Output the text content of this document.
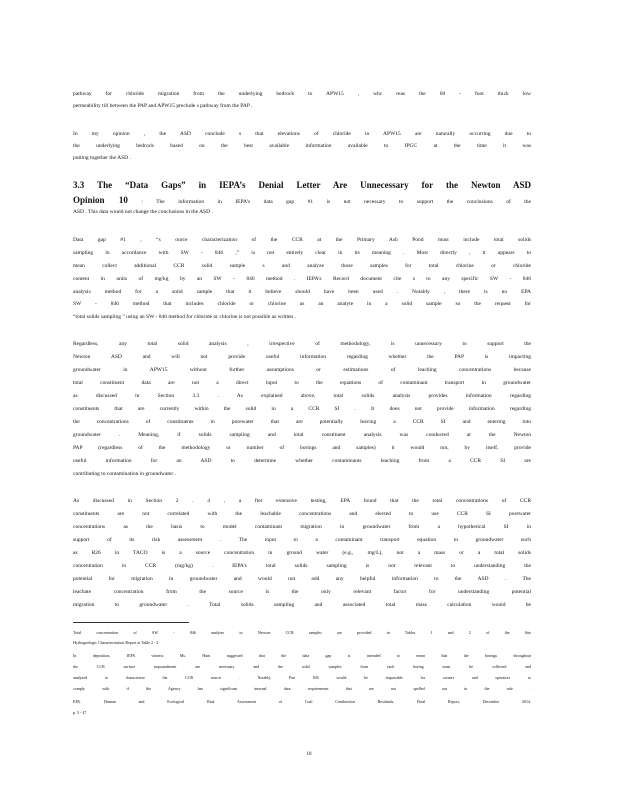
pathway for chloride migration from the underlying bedrock to APW15 , whc reas the 60 - foot thick low
permeability till between the PAP and APW15 preclude s pathway from the PAP .
In my opinion , the ASD conclude s that elevations of chloride in APW15 are naturally occurring due to
the underlying bedrock based on the best available information available to IPGC at the time it was
putting together the ASD .
3.3 The “Data Gaps” in IEPA’s Denial Letter Are Unnecessary for the Newton ASD
Opinion 10 : The information in IEPA’s data gap #1 is not necessary to support the conclusions of the
ASD . This data would not change the conclusions in the ASD .
Data gap #1 , “s ource characterization of the CCR at the Primary Ash Pond must include total solids
sampling in accordance with SW - 846 ,” is not entirely clear in its meaning . Most directly , it appears to
mean collect additional CCR solid sample s and analyze those samples for total chlorine or chloride
content in units of mg/kg by an SW - 846 method . IEPA’s Record document cite s to any specific SW - 846
analysis method for a solid sample that it believe should have been used . Notably , there is no EPA
SW - 846 method that includes chloride or chlorine as an analyte in a solid sample so the request for
“total solids sampling ” using an SW - 846 method for chloride or chlorine is not possible as written .
Regardless, any total solid analysis , irrespective of methodology, is unnecessary to support the
Newton ASD and will not provide useful information regarding whether the PAP is impacting
groundwater in APW15 without further assumptions or estimations of leaching concentrations because
total constituent data are not a direct input to the equations of contaminant transport in groundwater
as discussed in Section 3.3 . As explained above, total solids analysis provides information regarding
constituents that are currently within the solid in a CCR SI . It does not provide information regarding
the concentrations of constituents in porewater that are potentially leaving a CCR SI and entering into
groundwater . Meaning, if solids sampling and total constituent analysis was conducted at the Newton
PAP (regardless of the methodology or number of borings and samples) it would not, by itself, provide
useful information for an ASD to determine whether contaminants leaching from a CCR SI are
contributing to contamination in groundwater .
As discussed in Section 2 . 4 , a fter extensive testing, EPA found that the total concentrations of CCR
constituents are not correlated with the leachable concentrations and elected to use CCR SI porewater
concentrations as the basis to model contaminant migration in groundwater from a hypothetical SI in
support of its risk assessment . The input to a contaminant transport equation in groundwater such
as R26 in TACO is a source concentration in ground water (e.g., mg/L), not a mass or a total solids
concentration in CCR (mg/kg) . IEPA’s total solids sampling is not relevant to understanding the
potential for migration in groundwater and would not add any helpful information to the ASD . The
leachate concentration from the source is the only relevant factor for understanding potential
migration to groundwater . Total solids sampling and associated total mass calculation would be
Total concentration of SW - 846 analytes in Newton CCR samples are provided in Tables 1 and 2 of the Site
Hydrogeologic Characterization Report at Table 2 - 2 .
In deposition, IEPA witness Ms. Hunt suggested that the data gap is intended to mean that the borings throughout
the CCR surface impoundment are necessary and the solid samples from each boring must be collected and
analyzed to characterize the CCR source . Notably, Part 845 would be impossible for owners and operators to
comply with if the Agency has significant internal data requirements that are not spelled out in the rule .
EPA. Human and Ecological Risk Assessment of Coal Combustion Residuals, Final Report, December 2014.
p. 5 - 47
18
